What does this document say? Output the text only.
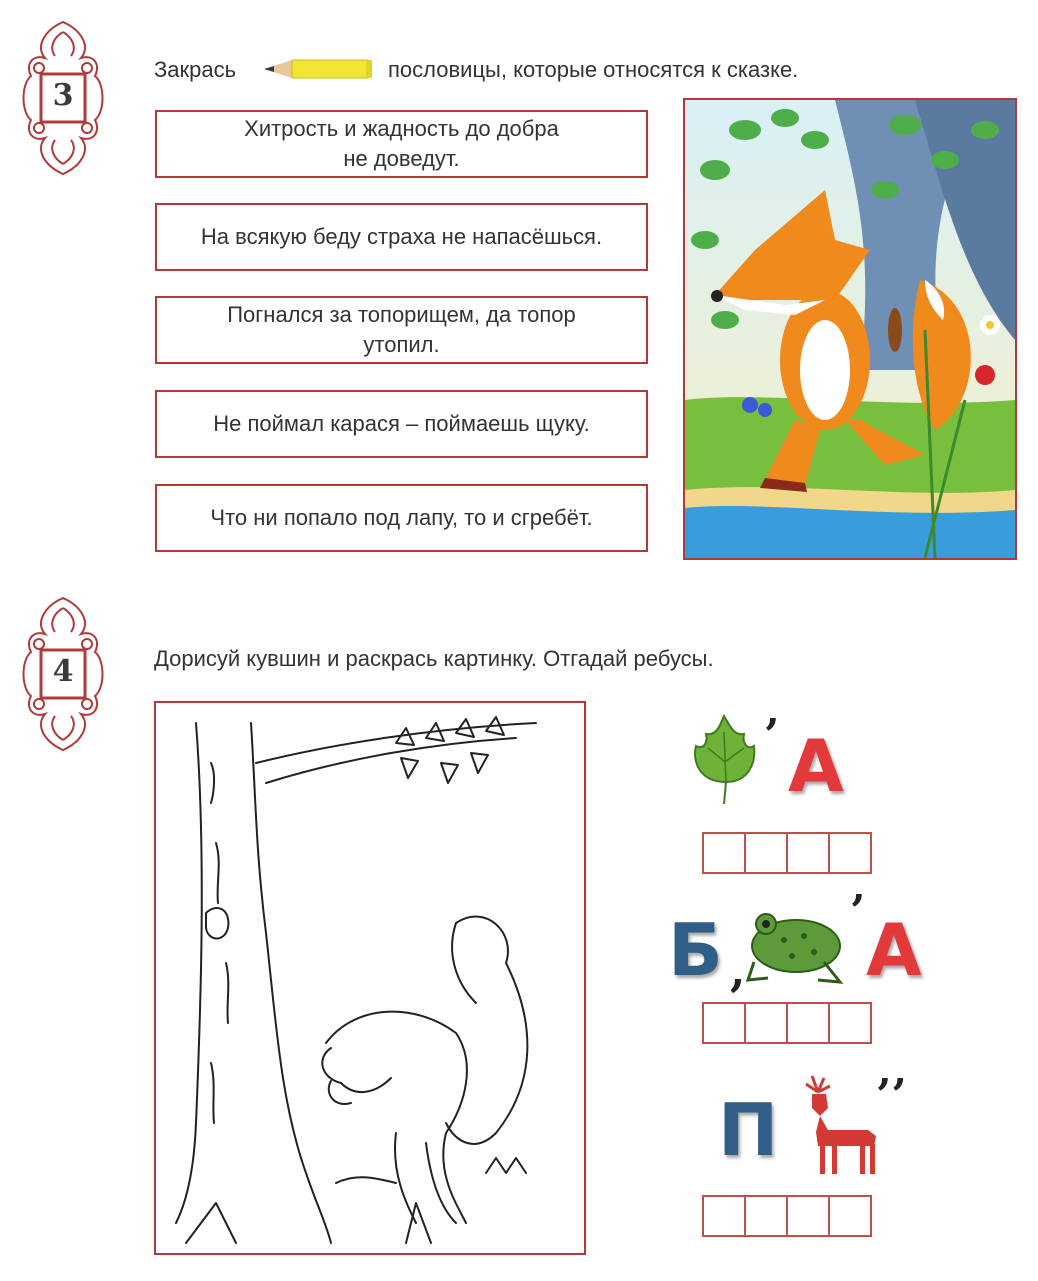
3
Закрась	пословицы, которые относятся к сказке.
Хитрость и жадность до добра
не доведут.
На всякую беду страха не напасёшься.
Погнался за топорищем, да топор
утопил.
Не поймал карася – поймаешь щуку.
Что ни попало под лапу, то и сгребёт.
4	Дорисуй кувшин и раскрась картинку. Отгадай ребусы.
’ А
Б ,
’ А
П ’’
